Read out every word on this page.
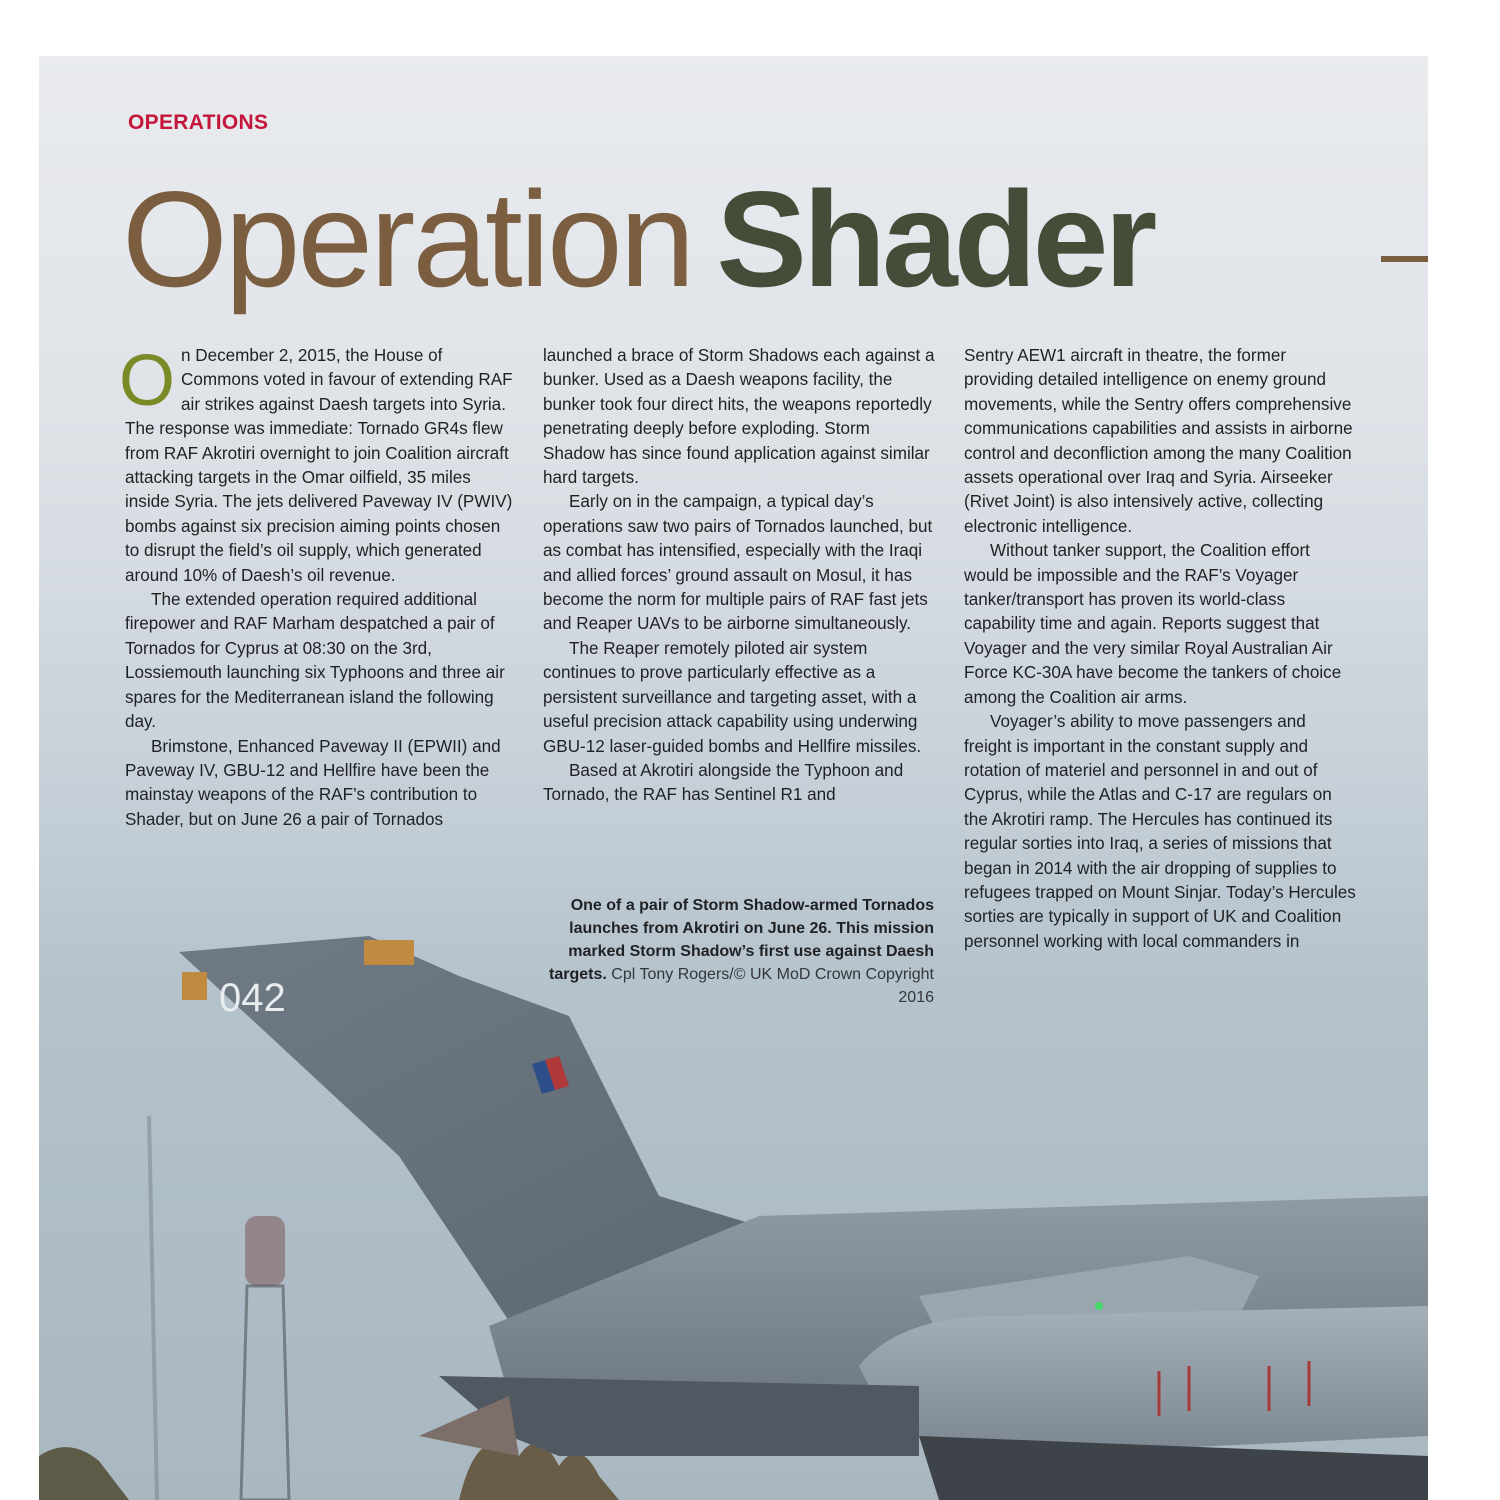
OPERATIONS
Operation Shader
042

On December 2, 2015, the House of Commons voted in favour of extending RAF air strikes against Daesh targets into Syria. The response was immediate: Tornado GR4s flew from RAF Akrotiri overnight to join Coalition aircraft attacking targets in the Omar oilfield, 35 miles inside Syria. The jets delivered Paveway IV (PWIV) bombs against six precision aiming points chosen to disrupt the field’s oil supply, which generated around 10% of Daesh’s oil revenue.

The extended operation required additional firepower and RAF Marham despatched a pair of Tornados for Cyprus at 08:30 on the 3rd, Lossiemouth launching six Typhoons and three air spares for the Mediterranean island the following day.

Brimstone, Enhanced Paveway II (EPWII) and Paveway IV, GBU-12 and Hellfire have been the mainstay weapons of the RAF’s contribution to Shader, but on June 26 a pair of Tornados

launched a brace of Storm Shadows each against a bunker. Used as a Daesh weapons facility, the bunker took four direct hits, the weapons reportedly penetrating deeply before exploding. Storm Shadow has since found application against similar hard targets.

Early on in the campaign, a typical day’s operations saw two pairs of Tornados launched, but as combat has intensified, especially with the Iraqi and allied forces’ ground assault on Mosul, it has become the norm for multiple pairs of RAF fast jets and Reaper UAVs to be airborne simultaneously.

The Reaper remotely piloted air system continues to prove particularly effective as a persistent surveillance and targeting asset, with a useful precision attack capability using underwing GBU-12 laser-guided bombs and Hellfire missiles.

Based at Akrotiri alongside the Typhoon and Tornado, the RAF has Sentinel R1 and

Sentry AEW1 aircraft in theatre, the former providing detailed intelligence on enemy ground movements, while the Sentry offers comprehensive communications capabilities and assists in airborne control and deconfliction among the many Coalition assets operational over Iraq and Syria. Airseeker (Rivet Joint) is also intensively active, collecting electronic intelligence.

Without tanker support, the Coalition effort would be impossible and the RAF’s Voyager tanker/transport has proven its world-class capability time and again. Reports suggest that Voyager and the very similar Royal Australian Air Force KC-30A have become the tankers of choice among the Coalition air arms.

Voyager’s ability to move passengers and freight is important in the constant supply and rotation of materiel and personnel in and out of Cyprus, while the Atlas and C-17 are regulars on the Akrotiri ramp. The Hercules has continued its regular sorties into Iraq, a series of missions that began in 2014 with the air dropping of supplies to refugees trapped on Mount Sinjar. Today’s Hercules sorties are typically in support of UK and Coalition personnel working with local commanders in

One of a pair of Storm Shadow-armed Tornados launches from Akrotiri on June 26. This mission marked Storm Shadow’s first use against Daesh targets. Cpl Tony Rogers/© UK MoD Crown Copyright 2016
